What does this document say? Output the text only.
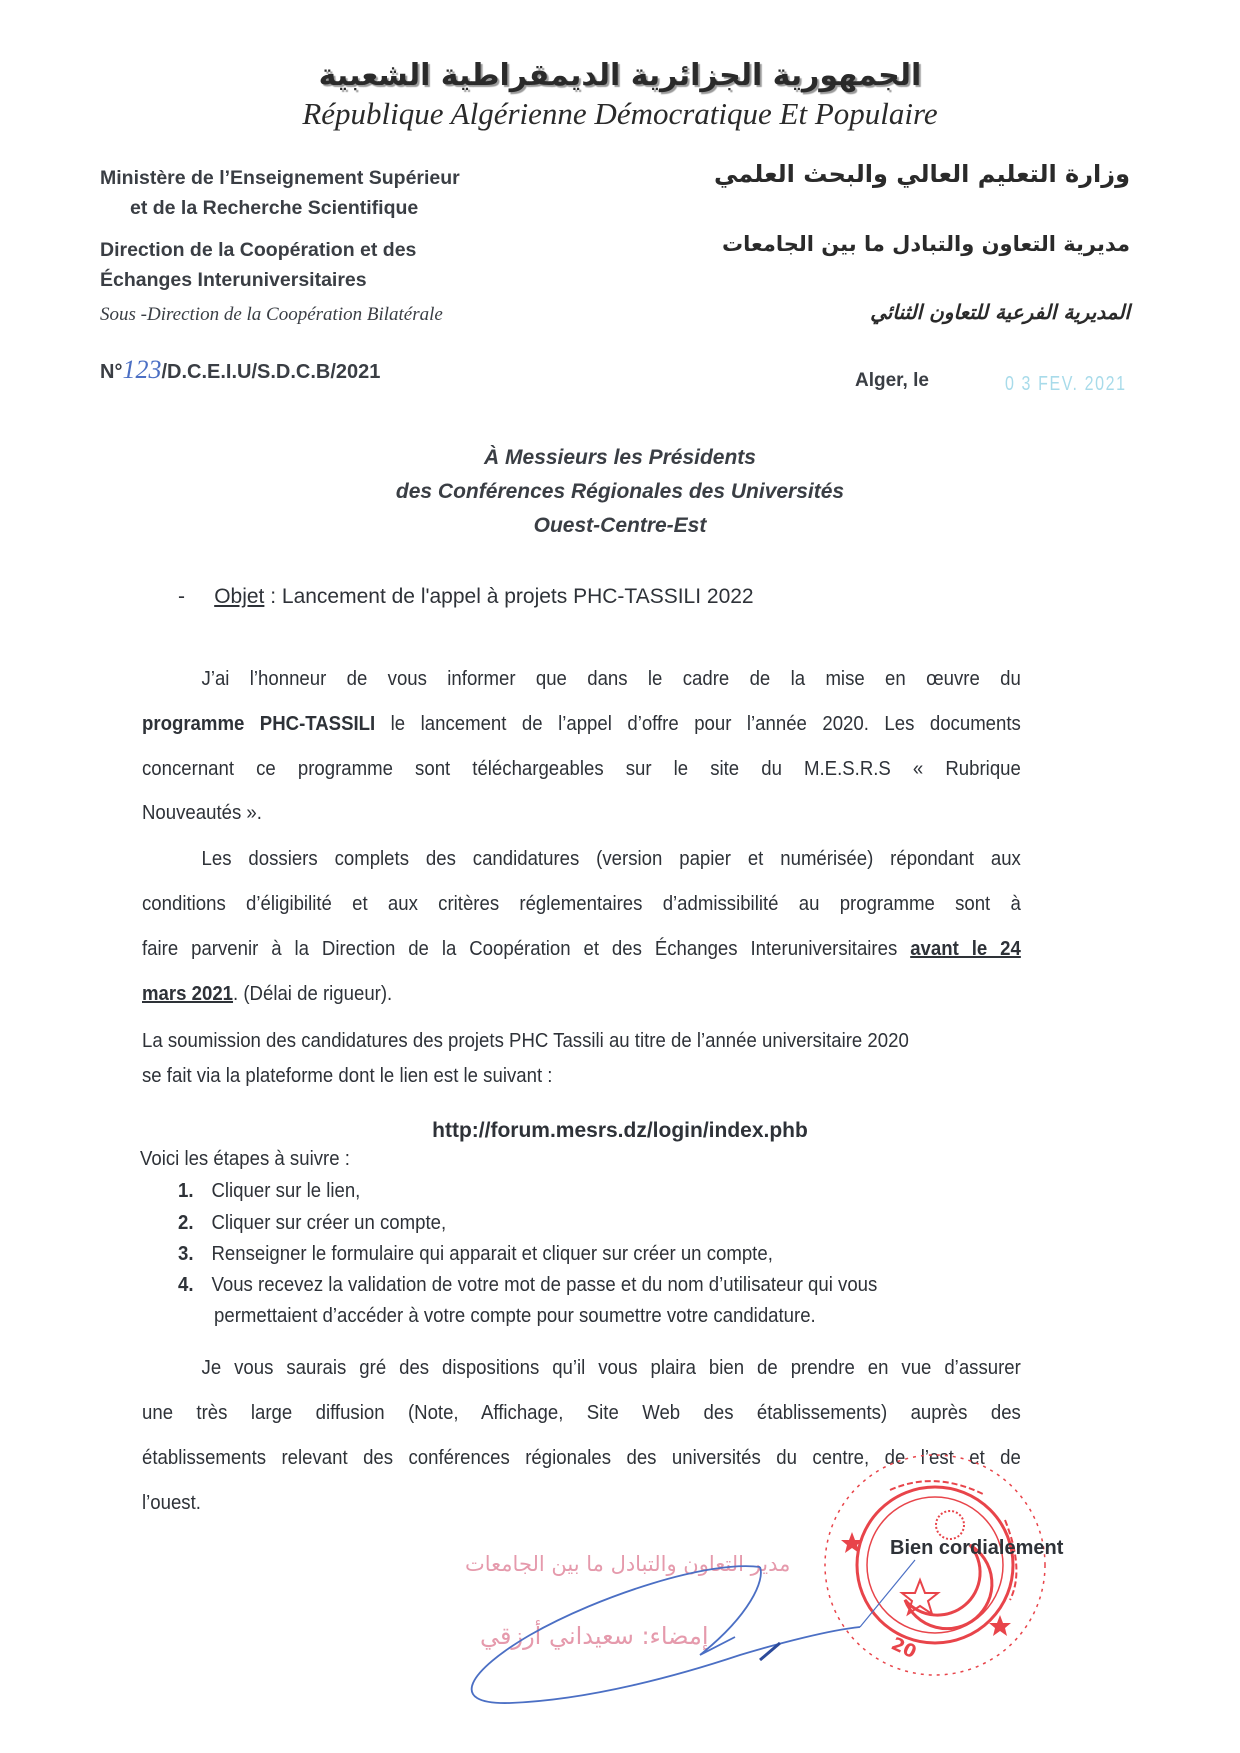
الجمهورية الجزائرية الديمقراطية الشعبية
République Algérienne Démocratique Et Populaire
Ministère de l’Enseignement Supérieur
et de la Recherche Scientifique
Direction de la Coopération et des
Échanges Interuniversitaires
Sous -Direction de la Coopération Bilatérale
N°123/D.C.E.I.U/S.D.C.B/2021
وزارة التعليم العالي والبحث العلمي
مديرية التعاون والتبادل ما بين الجامعات
المديرية الفرعية للتعاون الثنائي
Alger, le	0 3 FEV. 2021
À Messieurs les Présidents
des Conférences Régionales des Universités
Ouest-Centre-Est
- Objet : Lancement de l'appel à projets PHC-TASSILI 2022
J’ai l’honneur de vous informer que dans le cadre de la mise en œuvre du
programme PHC-TASSILI le lancement de l’appel d’offre pour l’année 2020. Les documents
concernant ce programme sont téléchargeables sur le site du M.E.S.R.S « Rubrique
Nouveautés ».
Les dossiers complets des candidatures (version papier et numérisée) répondant aux
conditions d’éligibilité et aux critères réglementaires d’admissibilité au programme sont à
faire parvenir à la Direction de la Coopération et des Échanges Interuniversitaires avant le 24
mars 2021. (Délai de rigueur).
La soumission des candidatures des projets PHC Tassili au titre de l’année universitaire 2020
se fait via la plateforme dont le lien est le suivant :
http://forum.mesrs.dz/login/index.phb
Voici les étapes à suivre :
1. Cliquer sur le lien,
2. Cliquer sur créer un compte,
3. Renseigner le formulaire qui apparait et cliquer sur créer un compte,
4. Vous recevez la validation de votre mot de passe et du nom d’utilisateur qui vous
permettaient d’accéder à votre compte pour soumettre votre candidature.
Je vous saurais gré des dispositions qu’il vous plaira bien de prendre en vue d’assurer
une très large diffusion (Note, Affichage, Site Web des établissements) auprès des
établissements relevant des conférences régionales des universités du centre, de l’est et de
l’ouest.
20
Bien cordialement
مدير التعاون والتبادل ما بين الجامعات
إمضاء: سعيداني أرزقي
